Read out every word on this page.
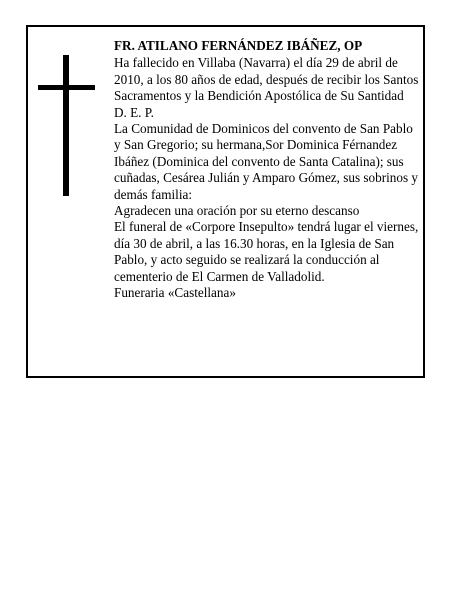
FR. ATILANO FERNÁNDEZ IBÁÑEZ, OP

Ha fallecido en Villaba (Navarra) el día 29 de abril de 2010, a los 80 años de edad, después de recibir los Santos Sacramentos y la Bendición Apostólica de Su Santidad

D. E. P.

La Comunidad de Dominicos del convento de San Pablo y San Gregorio; su hermana,Sor Dominica Férnandez Ibáñez (Dominica del convento de Santa Catalina); sus cuñadas, Cesárea Julián y Amparo Gómez, sus sobrinos y demás familia:

Agradecen una oración por su eterno descanso

El funeral de «Corpore Insepulto» tendrá lugar el viernes, día 30 de abril, a las 16.30 horas, en la Iglesia de San Pablo, y acto seguido se realizará la conducción al cementerio de El Carmen de Valladolid.

Funeraria «Castellana»
